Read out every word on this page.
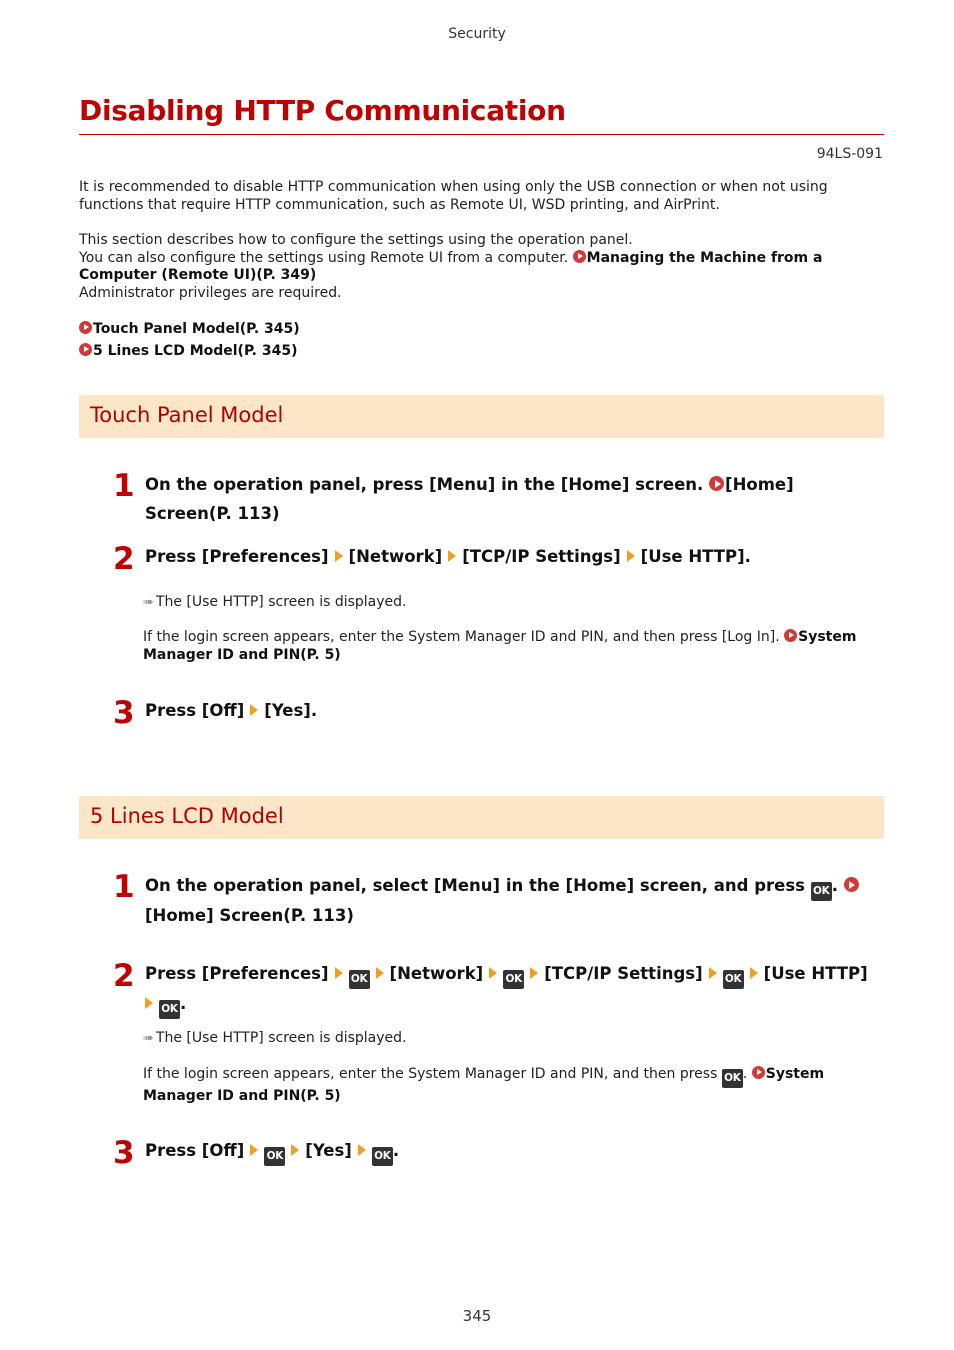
Security
Disabling HTTP Communication
94LS-091
It is recommended to disable HTTP communication when using only the USB connection or when not using functions that require HTTP communication, such as Remote UI, WSD printing, and AirPrint.
This section describes how to configure the settings using the operation panel.
You can also configure the settings using Remote UI from a computer. Managing the Machine from a Computer (Remote UI)(P. 349)
Administrator privileges are required.
Touch Panel Model(P. 345)
5 Lines LCD Model(P. 345)
Touch Panel Model
1 On the operation panel, press [Menu] in the [Home] screen. [Home] Screen(P. 113)
2 Press [Preferences] [Network] [TCP/IP Settings] [Use HTTP].
➠ The [Use HTTP] screen is displayed.
If the login screen appears, enter the System Manager ID and PIN, and then press [Log In]. System Manager ID and PIN(P. 5)
3 Press [Off] [Yes].
5 Lines LCD Model
1 On the operation panel, select [Menu] in the [Home] screen, and press OK . [Home] Screen(P. 113)
2 Press [Preferences] OK [Network] OK [TCP/IP Settings] OK [Use HTTP]
OK .
➠ The [Use HTTP] screen is displayed.
If the login screen appears, enter the System Manager ID and PIN, and then press OK . System Manager ID and PIN(P. 5)
3 Press [Off] OK [Yes] OK .
345
